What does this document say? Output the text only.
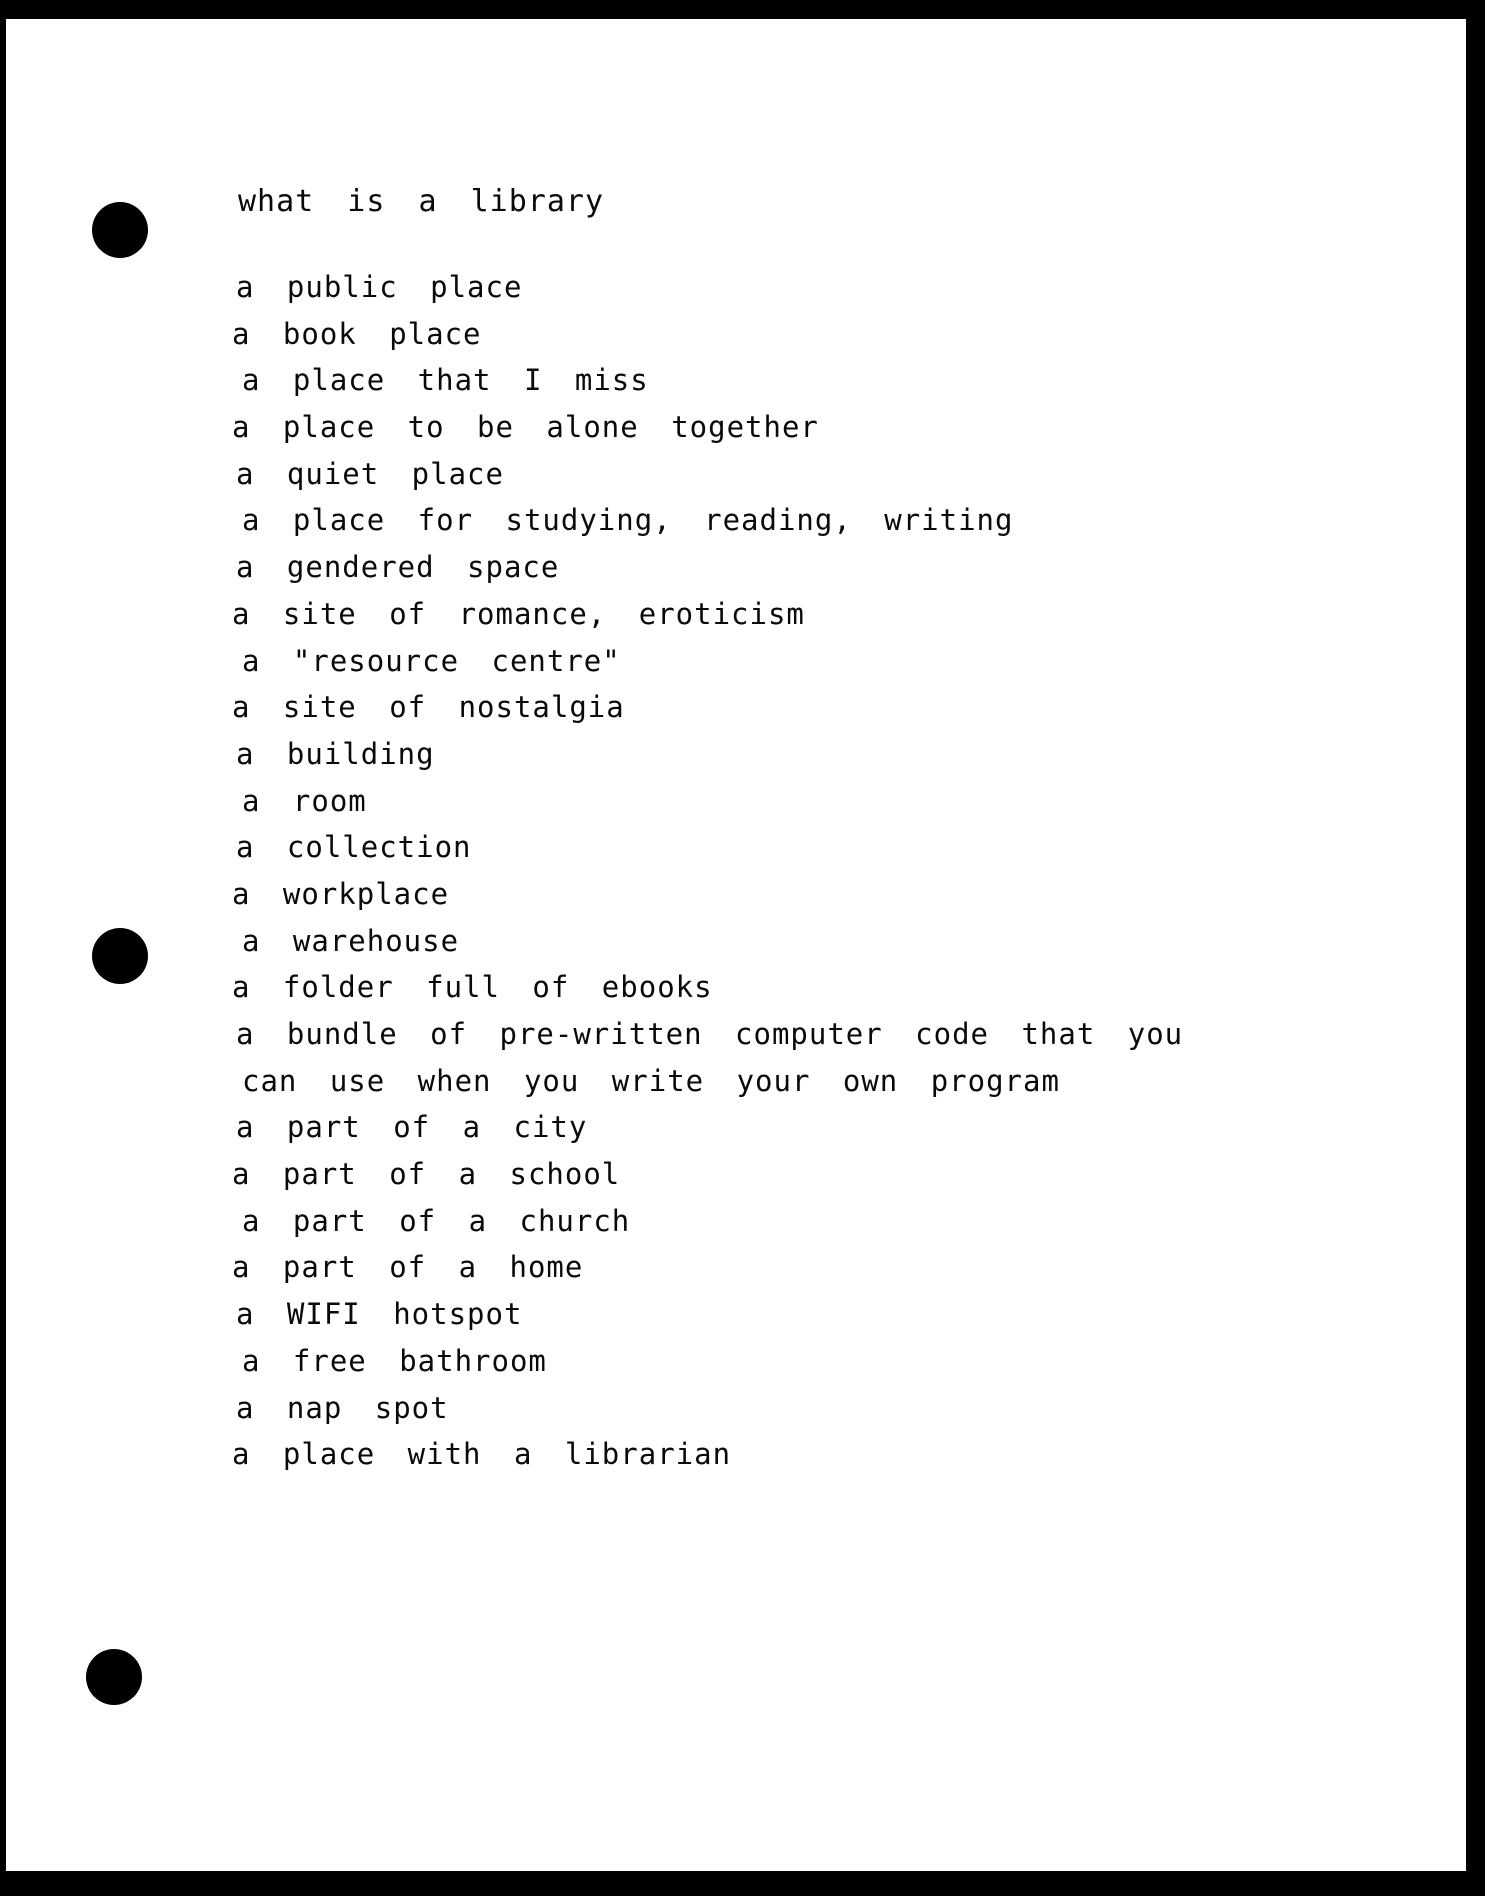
what is a library
a public place
a book place
a place that I miss
a place to be alone together
a quiet place
a place for studying, reading, writing
a gendered space
a site of romance, eroticism
a "resource centre"
a site of nostalgia
a building
a room
a collection
a workplace
a warehouse
a folder full of ebooks
a bundle of pre-written computer code that you
can use when you write your own program
a part of a city
a part of a school
a part of a church
a part of a home
a WIFI hotspot
a free bathroom
a nap spot
a place with a librarian
